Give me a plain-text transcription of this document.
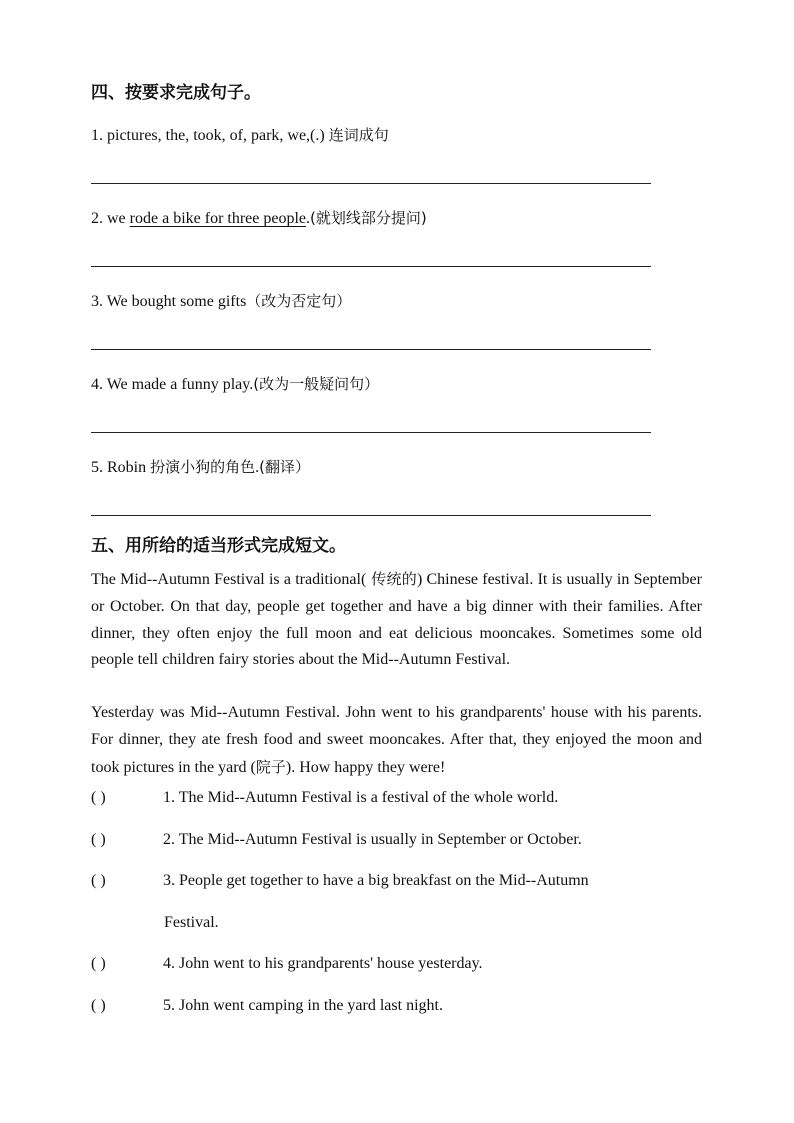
四、按要求完成句子。
1. pictures, the, took, of, park, we,(.) 连词成句
2. we rode a bike for three people.(就划线部分提问)
3. We bought some gifts（改为否定句）
4. We made a funny play.(改为一般疑问句）
5. Robin 扮演小狗的角色.(翻译）
五、用所给的适当形式完成短文。
The Mid--Autumn Festival is a traditional( 传统的) Chinese festival. It is usually in September or October. On that day, people get together and have a big dinner with their families. After dinner, they often enjoy the full moon and eat delicious mooncakes. Sometimes some old people tell children fairy stories about the Mid--Autumn Festival.
Yesterday was Mid--Autumn Festival. John went to his grandparents' house with his parents. For dinner, they ate fresh food and sweet mooncakes. After that, they enjoyed the moon and took pictures in the yard (院子). How happy they were!
( )	1. The Mid--Autumn Festival is a festival of the whole world.
( )	2. The Mid--Autumn Festival is usually in September or October.
( )	3. People get together to have a big breakfast on the Mid--Autumn
Festival.
( )	4. John went to his grandparents' house yesterday.
( )	5. John went camping in the yard last night.
